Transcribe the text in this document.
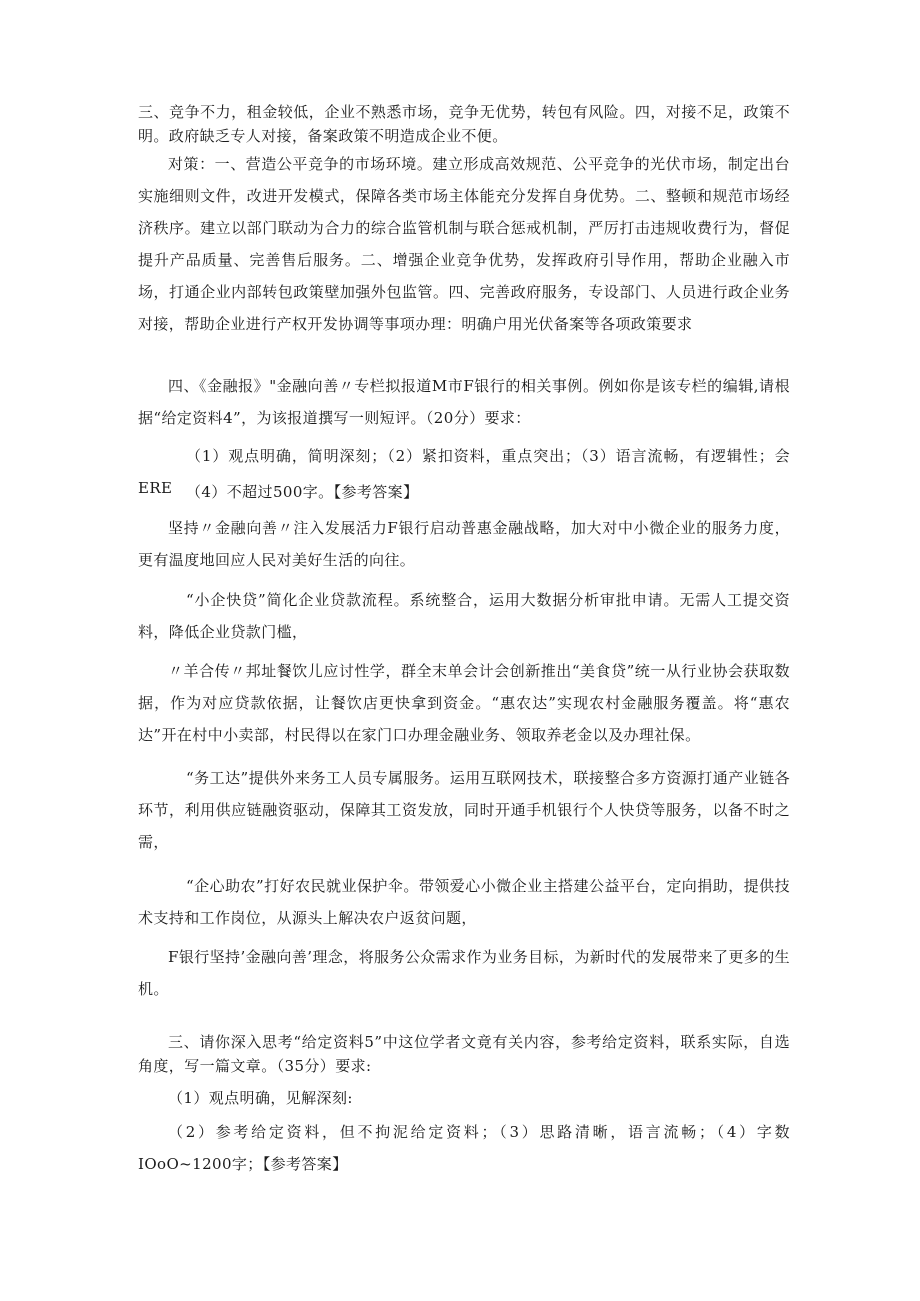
三、竞争不力，租金较低，企业不熟悉市场，竞争无优势，转包有风险。四，对接不足，政策不明。政府缺乏专人对接，备案政策不明造成企业不便。

对策：一、营造公平竞争的市场环境。建立形成高效规范、公平竞争的光伏市场，制定出台实施细则文件，改进开发模式，保障各类市场主体能充分发挥自身优势。二、整顿和规范市场经济秩序。建立以部门联动为合力的综合监管机制与联合惩戒机制，严厉打击违规收费行为，督促提升产品质量、完善售后服务。二、增强企业竞争优势，发挥政府引导作用，帮助企业融入市场，打通企业内部转包政策壁加强外包监管。四、完善政府服务，专设部门、人员进行政企业务对接，帮助企业进行产权开发协调等事项办理：明确户用光伏备案等各项政策要求

四、《金融报》"金融向善〃专栏拟报道M市F银行的相关事例。例如你是该专栏的编辑,请根据“给定资料4”，为该报道撰写一则短评。（20分）要求：

（1）观点明确，简明深刻；（2）紧扣资料，重点突出；（3）语言流畅，有逻辑性；会ERE （4）不超过500字。【参考答案】

坚持〃金融向善〃注入发展活力F银行启动普惠金融战略，加大对中小微企业的服务力度，更有温度地回应人民对美好生活的向往。

“小企快贷”简化企业贷款流程。系统整合，运用大数据分析审批申请。无需人工提交资料，降低企业贷款门槛，

〃羊合传〃邦址餐饮儿应讨性学，群全末单会计会创新推出“美食贷”统一从行业协会获取数据，作为对应贷款依据，让餐饮店更快拿到资金。“惠农达”实现农村金融服务覆盖。将“惠农达”开在村中小卖部，村民得以在家门口办理金融业务、领取养老金以及办理社保。

“务工达”提供外来务工人员专属服务。运用互联网技术，联接整合多方资源打通产业链各环节，利用供应链融资驱动，保障其工资发放，同时开通手机银行个人快贷等服务，以备不时之需，

“企心助农”打好农民就业保护伞。带领爱心小微企业主搭建公益平台，定向捐助，提供技术支持和工作岗位，从源头上解决农户返贫问题，

F银行坚持’金融向善’理念，将服务公众需求作为业务目标，为新时代的发展带来了更多的生机。

三、请你深入思考“给定资料5”中这位学者文竟有关内容，参考给定资料，联系实际，自选角度，写一篇文章。（35分）要求:

（1）观点明确，见解深刻:

（2）参考给定资料，但不拘泥给定资料；（3）思路清晰，语言流畅；（4）字数IOoO~1200字；【参考答案】
